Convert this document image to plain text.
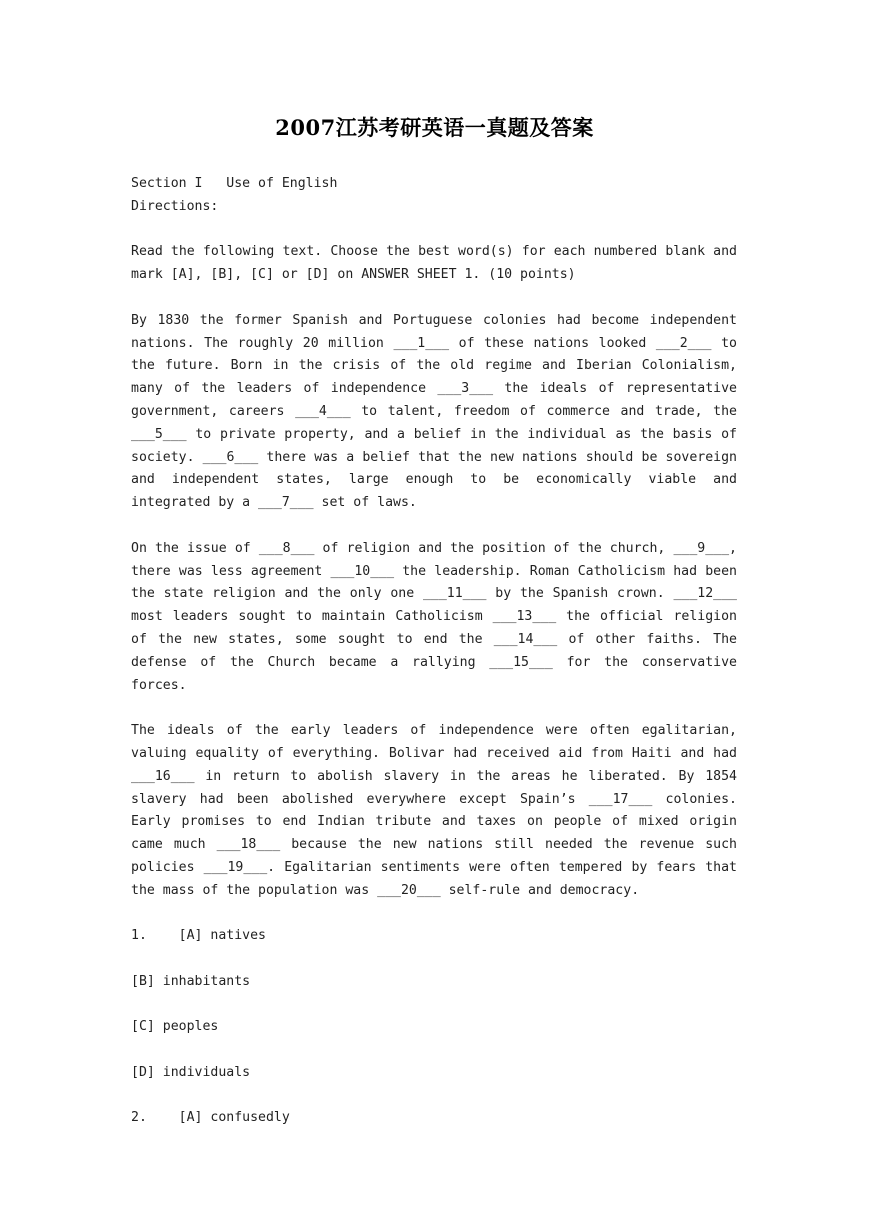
2007江苏考研英语一真题及答案

Section I   Use of English

Directions:

Read the following text. Choose the best word(s) for each numbered blank and mark [A], [B], [C] or [D] on ANSWER SHEET 1. (10 points)

By 1830 the former Spanish and Portuguese colonies had become independent nations. The roughly 20 million ___1___ of these nations looked ___2___ to the future. Born in the crisis of the old regime and Iberian Colonialism, many of the leaders of independence ___3___ the ideals of representative government, careers ___4___ to talent, freedom of commerce and trade, the ___5___ to private property, and a belief in the individual as the basis of society. ___6___ there was a belief that the new nations should be sovereign and independent states, large enough to be economically viable and integrated by a ___7___ set of laws.

On the issue of ___8___ of religion and the position of the church, ___9___, there was less agreement ___10___ the leadership. Roman Catholicism had been the state religion and the only one ___11___ by the Spanish crown. ___12___ most leaders sought to maintain Catholicism ___13___ the official religion of the new states, some sought to end the ___14___ of other faiths. The defense of the Church became a rallying ___15___ for the conservative forces.

The ideals of the early leaders of independence were often egalitarian, valuing equality of everything. Bolivar had received aid from Haiti and had ___16___ in return to abolish slavery in the areas he liberated. By 1854 slavery had been abolished everywhere except Spain’s ___17___ colonies. Early promises to end Indian tribute and taxes on people of mixed origin came much ___18___ because the new nations still needed the revenue such policies ___19___. Egalitarian sentiments were often tempered by fears that the mass of the population was ___20___ self-rule and democracy.

1.    [A] natives

[B] inhabitants

[C] peoples

[D] individuals

2.    [A] confusedly
